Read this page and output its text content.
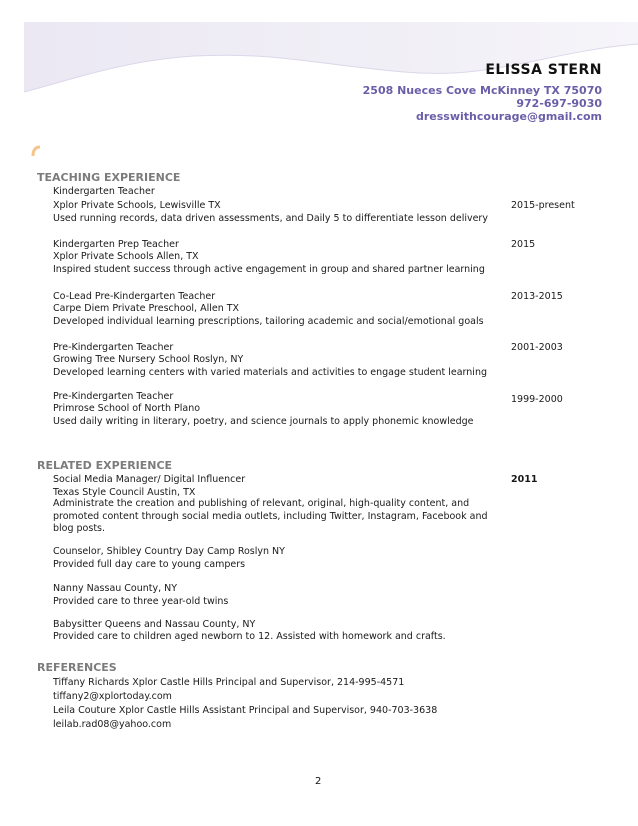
ELISSA STERN
2508 Nueces Cove McKinney TX 75070
972-697-9030
dresswithcourage@gmail.com
TEACHING EXPERIENCE
Kindergarten Teacher
Xplor Private Schools, Lewisville TX	2015-present
Used running records, data driven assessments, and Daily 5 to differentiate lesson delivery
Kindergarten Prep Teacher	2015
Xplor Private Schools Allen, TX
Inspired student success through active engagement in group and shared partner learning
Co-Lead Pre-Kindergarten Teacher	2013-2015
Carpe Diem Private Preschool, Allen TX
Developed individual learning prescriptions, tailoring academic and social/emotional goals
Pre-Kindergarten Teacher	2001-2003
Growing Tree Nursery School Roslyn, NY
Developed learning centers with varied materials and activities to engage student learning
Pre-Kindergarten Teacher	1999-2000
Primrose School of North Plano
Used daily writing in literary, poetry, and science journals to apply phonemic knowledge
RELATED EXPERIENCE
Social Media Manager/ Digital Influencer	2011
Texas Style Council Austin, TX
Administrate the creation and publishing of relevant, original, high-quality content, and promoted content through social media outlets, including Twitter, Instagram, Facebook and blog posts.
Counselor, Shibley Country Day Camp Roslyn NY
Provided full day care to young campers
Nanny Nassau County, NY
Provided care to three year-old twins
Babysitter Queens and Nassau County, NY
Provided care to children aged newborn to 12. Assisted with homework and crafts.
REFERENCES
Tiffany Richards Xplor Castle Hills Principal and Supervisor, 214-995-4571
tiffany2@xplortoday.com
Leila Couture Xplor Castle Hills Assistant Principal and Supervisor, 940-703-3638
leilab.rad08@yahoo.com
2
